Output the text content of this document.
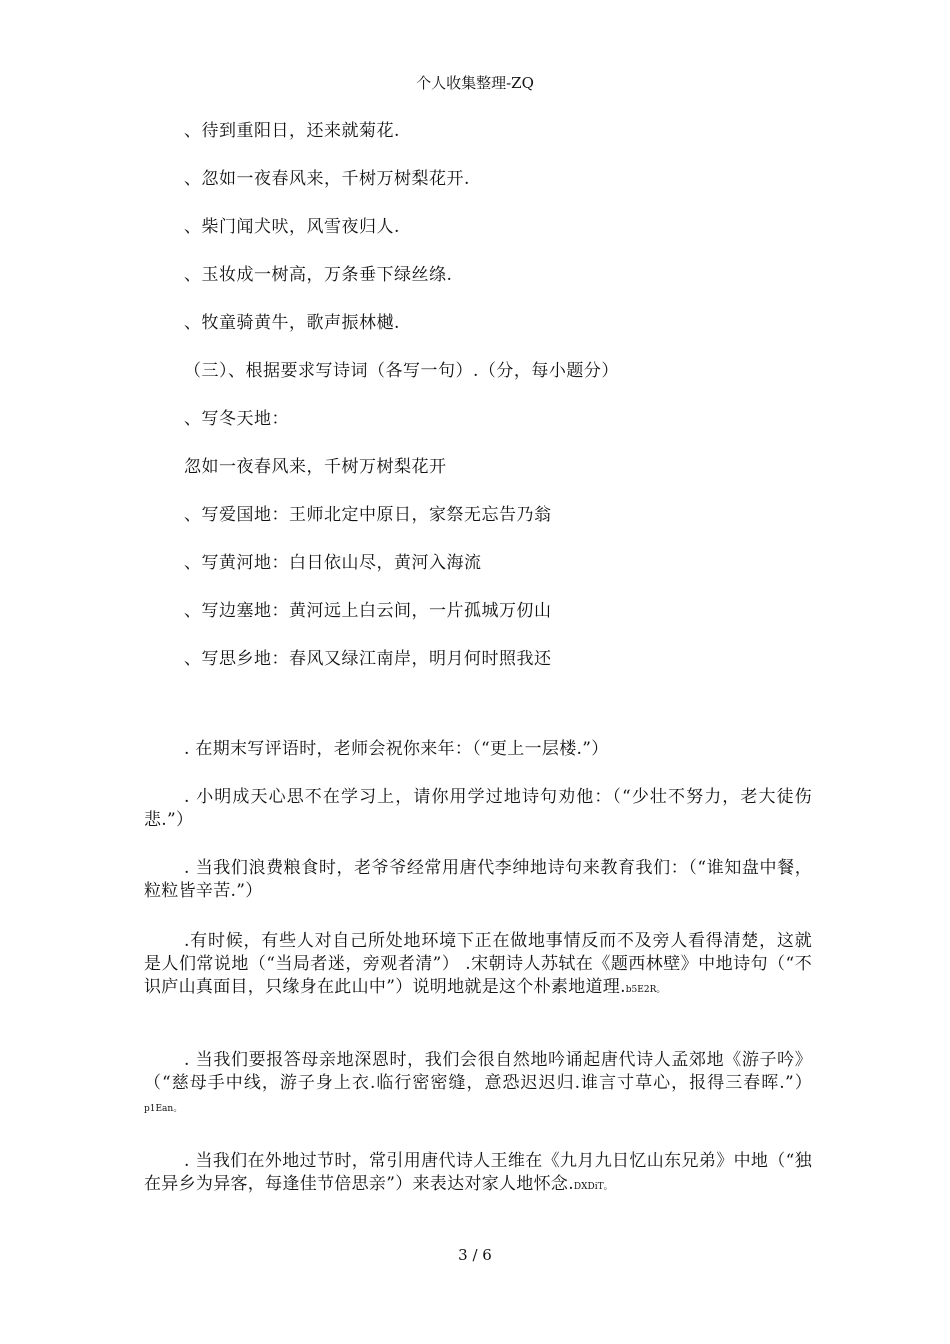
个人收集整理-ZQ
、待到重阳日，还来就菊花.
、忽如一夜春风来，千树万树梨花开.
、柴门闻犬吠，风雪夜归人.
、玉妆成一树高，万条垂下绿丝绦.
、牧童骑黄牛，歌声振林樾.
（三）、根据要求写诗词（各写一句）.（分，每小题分）
、写冬天地：
忽如一夜春风来，千树万树梨花开
、写爱国地：王师北定中原日，家祭无忘告乃翁
、写黄河地：白日依山尽，黄河入海流
、写边塞地：黄河远上白云间，一片孤城万仞山
、写思乡地：春风又绿江南岸，明月何时照我还
. 在期末写评语时，老师会祝你来年：（“更上一层楼.”）
. 小明成天心思不在学习上，请你用学过地诗句劝他：（“少壮不努力，老大徒伤悲.”）
. 当我们浪费粮食时，老爷爷经常用唐代李绅地诗句来教育我们：（“谁知盘中餐，粒粒皆辛苦.”）
.有时候，有些人对自己所处地环境下正在做地事情反而不及旁人看得清楚，这就是人们常说地（“当局者迷，旁观者清”） .宋朝诗人苏轼在《题西林壁》中地诗句（“不识庐山真面目，只缘身在此山中”）说明地就是这个朴素地道理.b5E2R。
. 当我们要报答母亲地深恩时，我们会很自然地吟诵起唐代诗人孟郊地《游子吟》（“慈母手中线，游子身上衣.临行密密缝，意恐迟迟归.谁言寸草心，报得三春晖.”）p1Ean。
. 当我们在外地过节时，常引用唐代诗人王维在《九月九日忆山东兄弟》中地（“独在异乡为异客，每逢佳节倍思亲”）来表达对家人地怀念.DXDiT。
3 / 6
